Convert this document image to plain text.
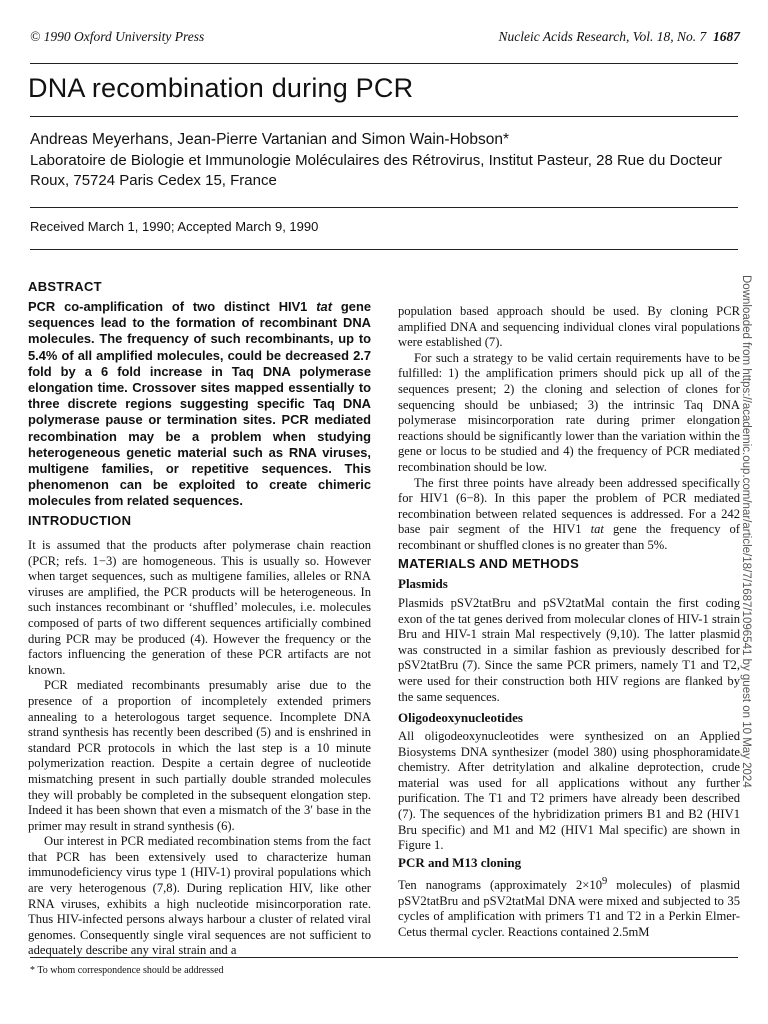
© 1990 Oxford University Press	Nucleic Acids Research, Vol. 18, No. 7 1687
DNA recombination during PCR
Andreas Meyerhans, Jean-Pierre Vartanian and Simon Wain-Hobson*
Laboratoire de Biologie et Immunologie Moléculaires des Rétrovirus, Institut Pasteur, 28 Rue du Docteur Roux, 75724 Paris Cedex 15, France
Received March 1, 1990; Accepted March 9, 1990
ABSTRACT
PCR co-amplification of two distinct HIV1 tat gene sequences lead to the formation of recombinant DNA molecules. The frequency of such recombinants, up to 5.4% of all amplified molecules, could be decreased 2.7 fold by a 6 fold increase in Taq DNA polymerase elongation time. Crossover sites mapped essentially to three discrete regions suggesting specific Taq DNA polymerase pause or termination sites. PCR mediated recombination may be a problem when studying heterogeneous genetic material such as RNA viruses, multigene families, or repetitive sequences. This phenomenon can be exploited to create chimeric molecules from related sequences.
INTRODUCTION

It is assumed that the products after polymerase chain reaction (PCR; refs. 1−3) are homogeneous. This is usually so. However when target sequences, such as multigene families, alleles or RNA viruses are amplified, the PCR products will be heterogeneous. In such instances recombinant or ‘shuffled’ molecules, i.e. molecules composed of parts of two different sequences artificially combined during PCR may be produced (4). However the frequency or the factors influencing the generation of these PCR artifacts are not known.

PCR mediated recombinants presumably arise due to the presence of a proportion of incompletely extended primers annealing to a heterologous target sequence. Incomplete DNA strand synthesis has recently been described (5) and is enshrined in standard PCR protocols in which the last step is a 10 minute polymerization reaction. Despite a certain degree of nucleotide mismatching present in such partially double stranded molecules they will probably be completed in the subsequent elongation step. Indeed it has been shown that even a mismatch of the 3′ base in the primer may result in strand synthesis (6).

Our interest in PCR mediated recombination stems from the fact that PCR has been extensively used to characterize human immunodeficiency virus type 1 (HIV-1) proviral populations which are very heterogenous (7,8). During replication HIV, like other RNA viruses, exhibits a high nucleotide misincorporation rate. Thus HIV-infected persons always harbour a cluster of related viral genomes. Consequently single viral sequences are not sufficient to adequately describe any viral strain and a

population based approach should be used. By cloning PCR amplified DNA and sequencing individual clones viral populations were established (7).

For such a strategy to be valid certain requirements have to be fulfilled: 1) the amplification primers should pick up all of the sequences present; 2) the cloning and selection of clones for sequencing should be unbiased; 3) the intrinsic Taq DNA polymerase misincorporation rate during primer elongation reactions should be significantly lower than the variation within the gene or locus to be studied and 4) the frequency of PCR mediated recombination should be low.

The first three points have already been addressed specifically for HIV1 (6−8). In this paper the problem of PCR mediated recombination between related sequences is addressed. For a 242 base pair segment of the HIV1 tat gene the frequency of recombinant or shuffled clones is no greater than 5%.

MATERIALS AND METHODS
Plasmids

Plasmids pSV2tatBru and pSV2tatMal contain the first coding exon of the tat genes derived from molecular clones of HIV-1 strain Bru and HIV-1 strain Mal respectively (9,10). The latter plasmid was constructed in a similar fashion as previously described for pSV2tatBru (7). Since the same PCR primers, namely T1 and T2, were used for their construction both HIV regions are flanked by the same sequences.

Oligodeoxynucleotides

All oligodeoxynucleotides were synthesized on an Applied Biosystems DNA synthesizer (model 380) using phosphoramidate chemistry. After detritylation and alkaline deprotection, crude material was used for all applications without any further purification. The T1 and T2 primers have already been described (7). The sequences of the hybridization primers B1 and B2 (HIV1 Bru specific) and M1 and M2 (HIV1 Mal specific) are shown in Figure 1.

PCR and M13 cloning

Ten nanograms (approximately $2\times 10^9$ molecules) of plasmid pSV2tatBru and pSV2tatMal DNA were mixed and subjected to 35 cycles of amplification with primers T1 and T2 in a Perkin Elmer-Cetus thermal cycler. Reactions contained 2.5mM

* To whom correspondence should be addressed
Downloaded from https://academic.oup.com/nar/article/18/7/1687/1096541 by guest on 10 May 2024
